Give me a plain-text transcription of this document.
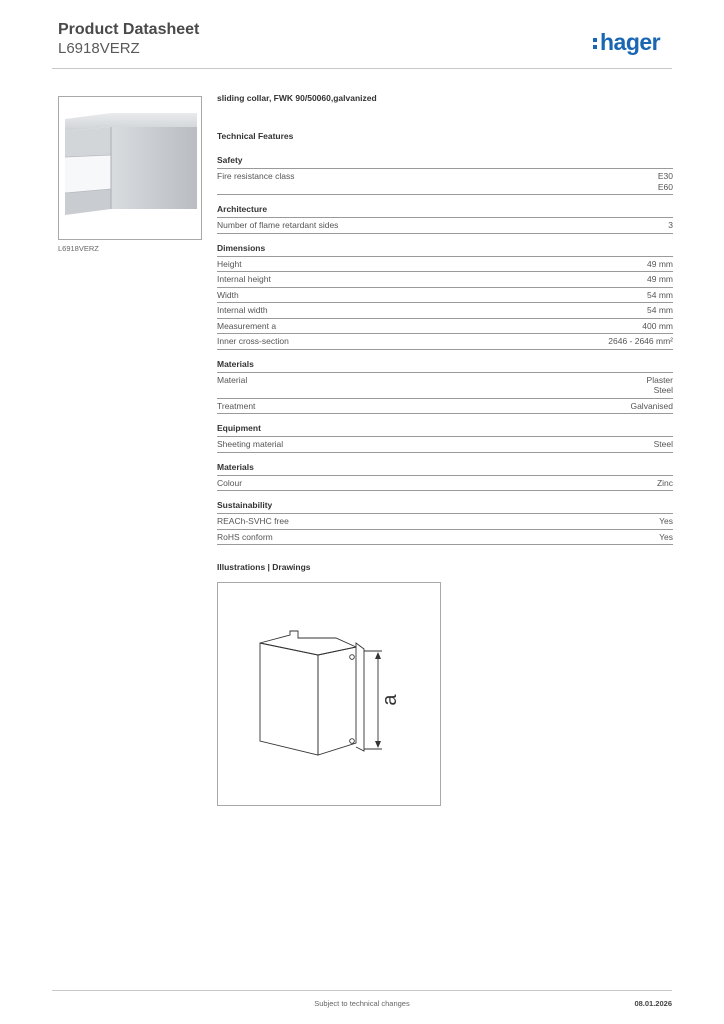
Product Datasheet
L6918VERZ	hager
L6918VERZ
sliding collar, FWK 90/50060,galvanized
Technical Features
Safety
Fire resistance class	E30
E60
Architecture
Number of flame retardant sides	3
Dimensions
Height	49 mm
Internal height	49 mm
Width	54 mm
Internal width	54 mm
Measurement a	400 mm
Inner cross-section	2646 - 2646 mm²
Materials
Material	Plaster
Steel
Treatment	Galvanised
Equipment
Sheeting material	Steel
Materials
Colour	Zinc
Sustainability
REACh-SVHC free	Yes
RoHS conform	Yes
Illustrations | Drawings
a
Subject to technical changes	08.01.2026
